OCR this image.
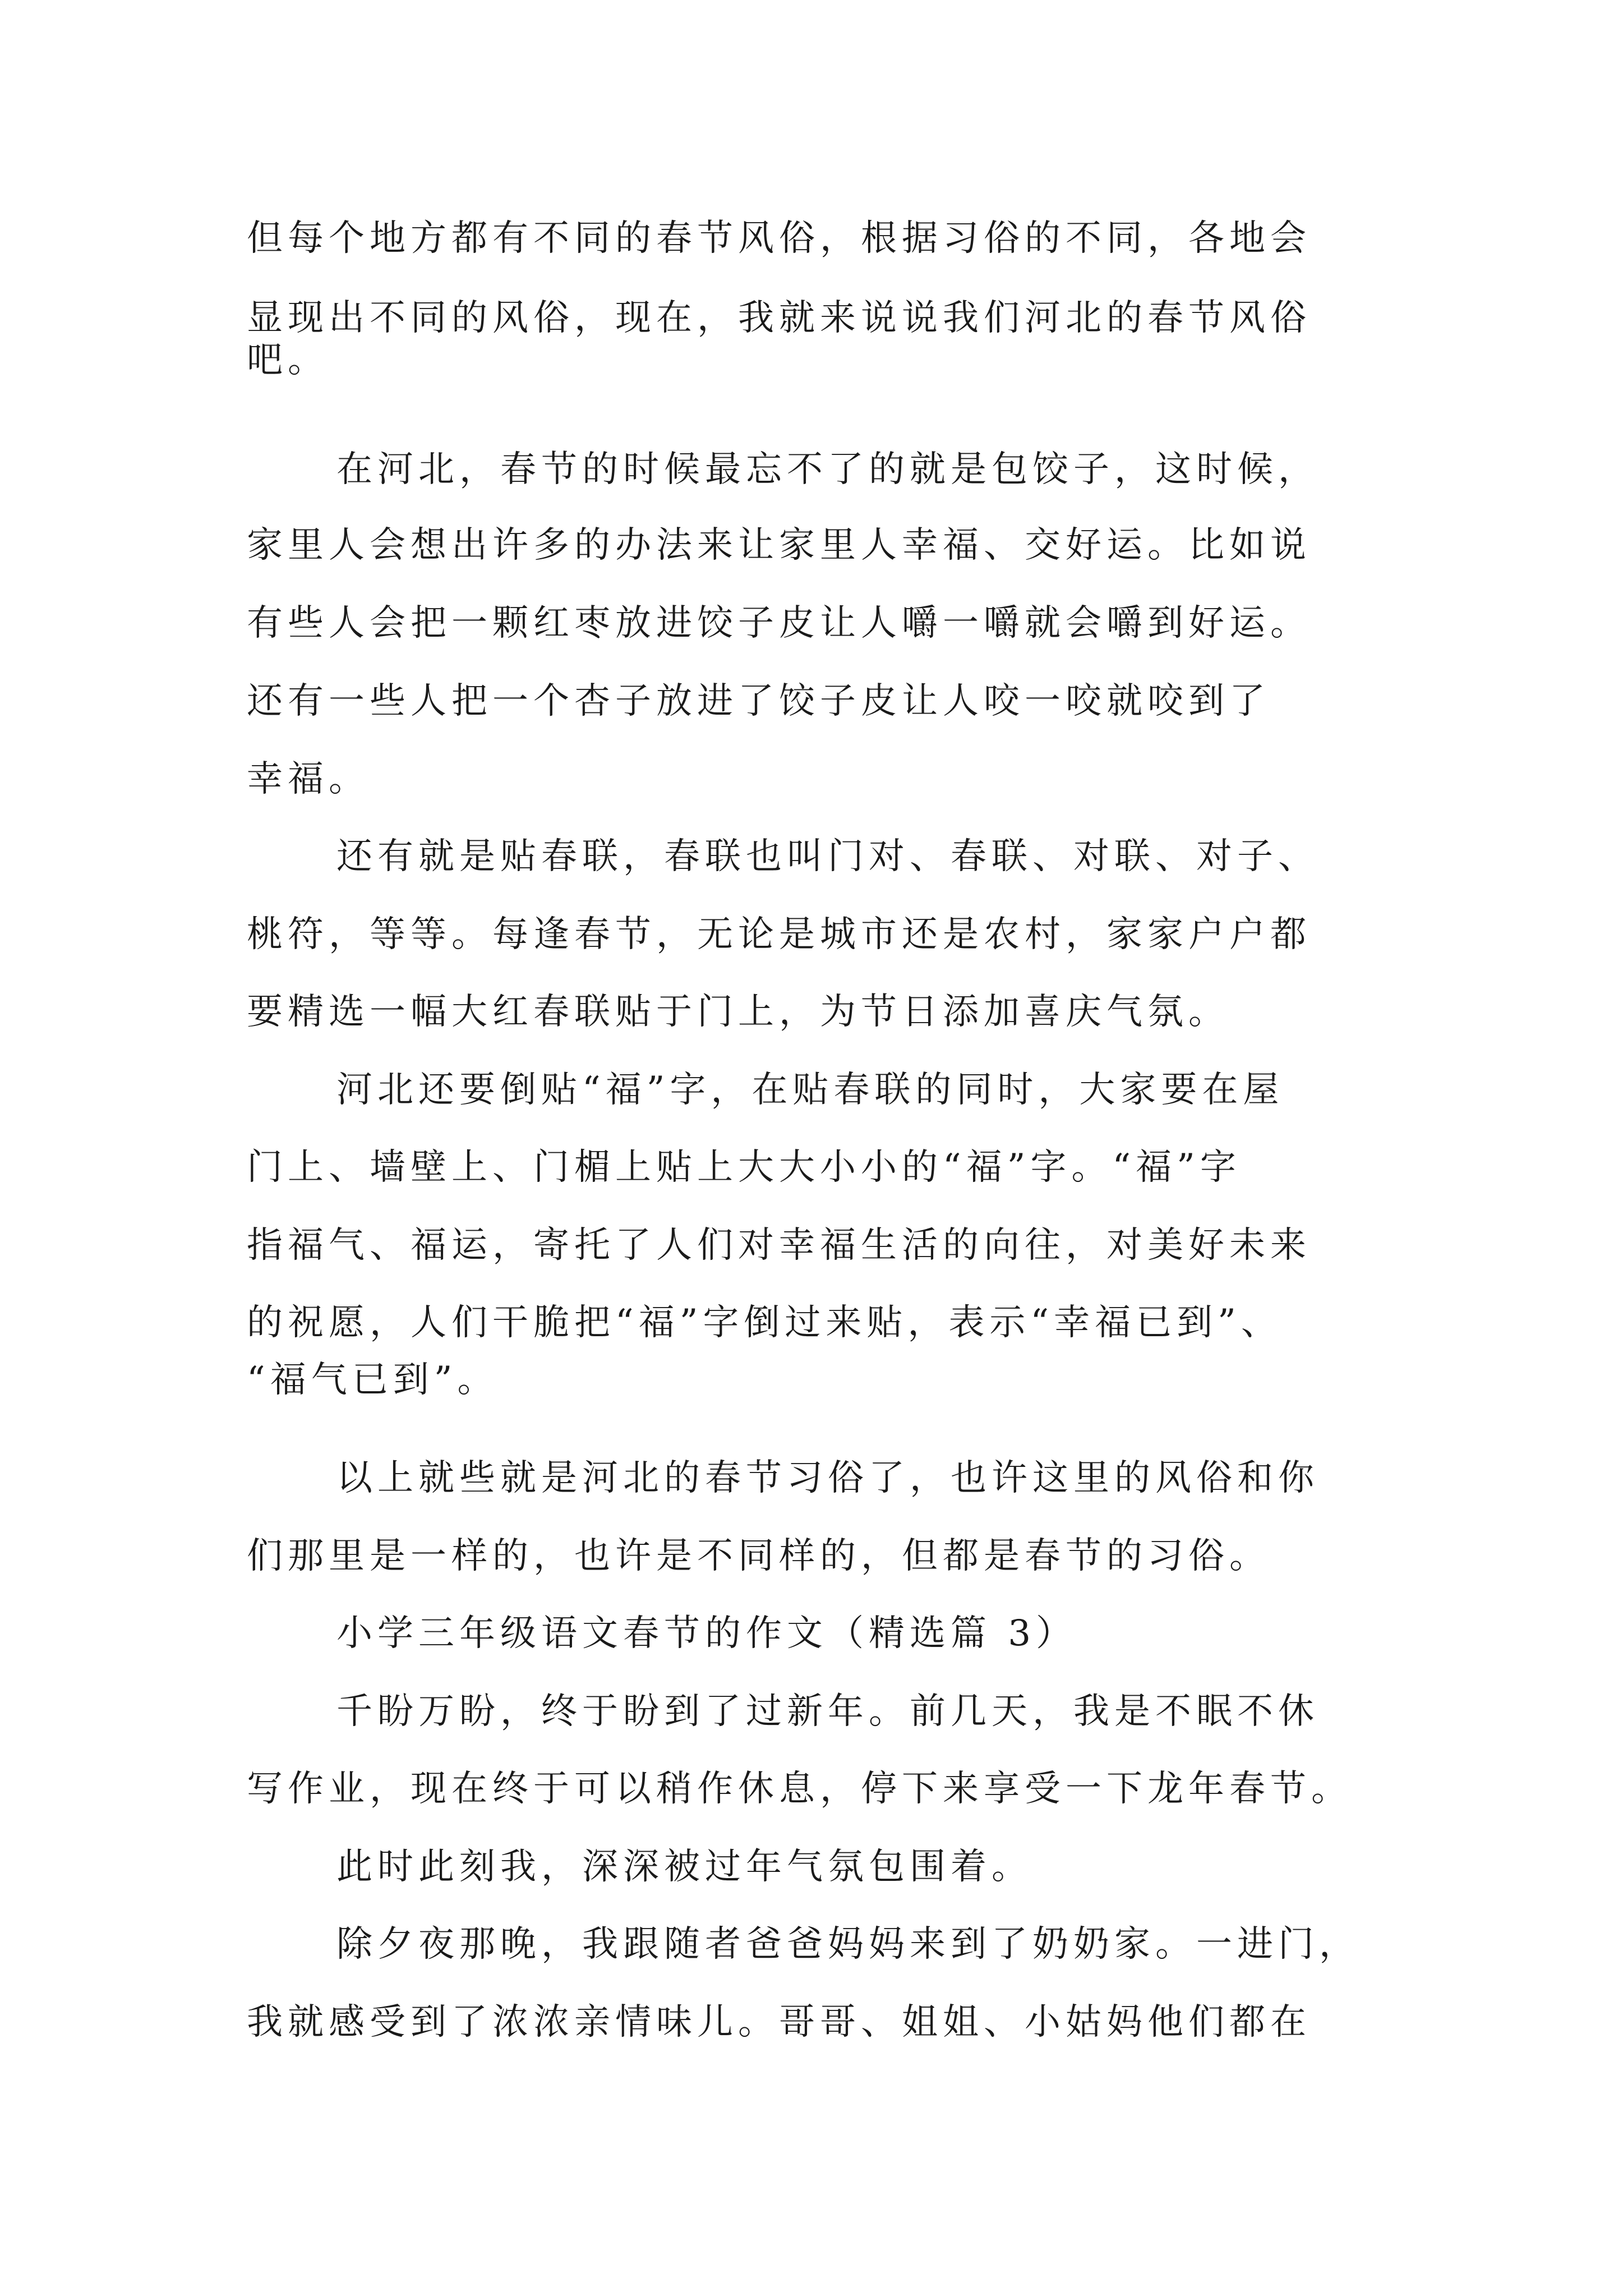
但每个地方都有不同的春节风俗，根据习俗的不同，各地会
显现出不同的风俗，现在，我就来说说我们河北的春节风俗
吧。
在河北，春节的时候最忘不了的就是包饺子，这时候，
家里人会想出许多的办法来让家里人幸福、交好运。比如说
有些人会把一颗红枣放进饺子皮让人嚼一嚼就会嚼到好运。
还有一些人把一个杏子放进了饺子皮让人咬一咬就咬到了
幸福。
还有就是贴春联，春联也叫门对、春联、对联、对子、
桃符，等等。每逢春节，无论是城市还是农村，家家户户都
要精选一幅大红春联贴于门上，为节日添加喜庆气氛。
河北还要倒贴“福”字，在贴春联的同时，大家要在屋
门上、墙壁上、门楣上贴上大大小小的“福”字。“福”字
指福气、福运，寄托了人们对幸福生活的向往，对美好未来
的祝愿，人们干脆把“福”字倒过来贴，表示“幸福已到”、
“福气已到”。
以上就些就是河北的春节习俗了，也许这里的风俗和你
们那里是一样的，也许是不同样的，但都是春节的习俗。
小学三年级语文春节的作文（精选篇 3）
千盼万盼，终于盼到了过新年。前几天，我是不眠不休
写作业，现在终于可以稍作休息，停下来享受一下龙年春节。
此时此刻我，深深被过年气氛包围着。
除夕夜那晚，我跟随者爸爸妈妈来到了奶奶家。一进门，
我就感受到了浓浓亲情味儿。哥哥、姐姐、小姑妈他们都在
